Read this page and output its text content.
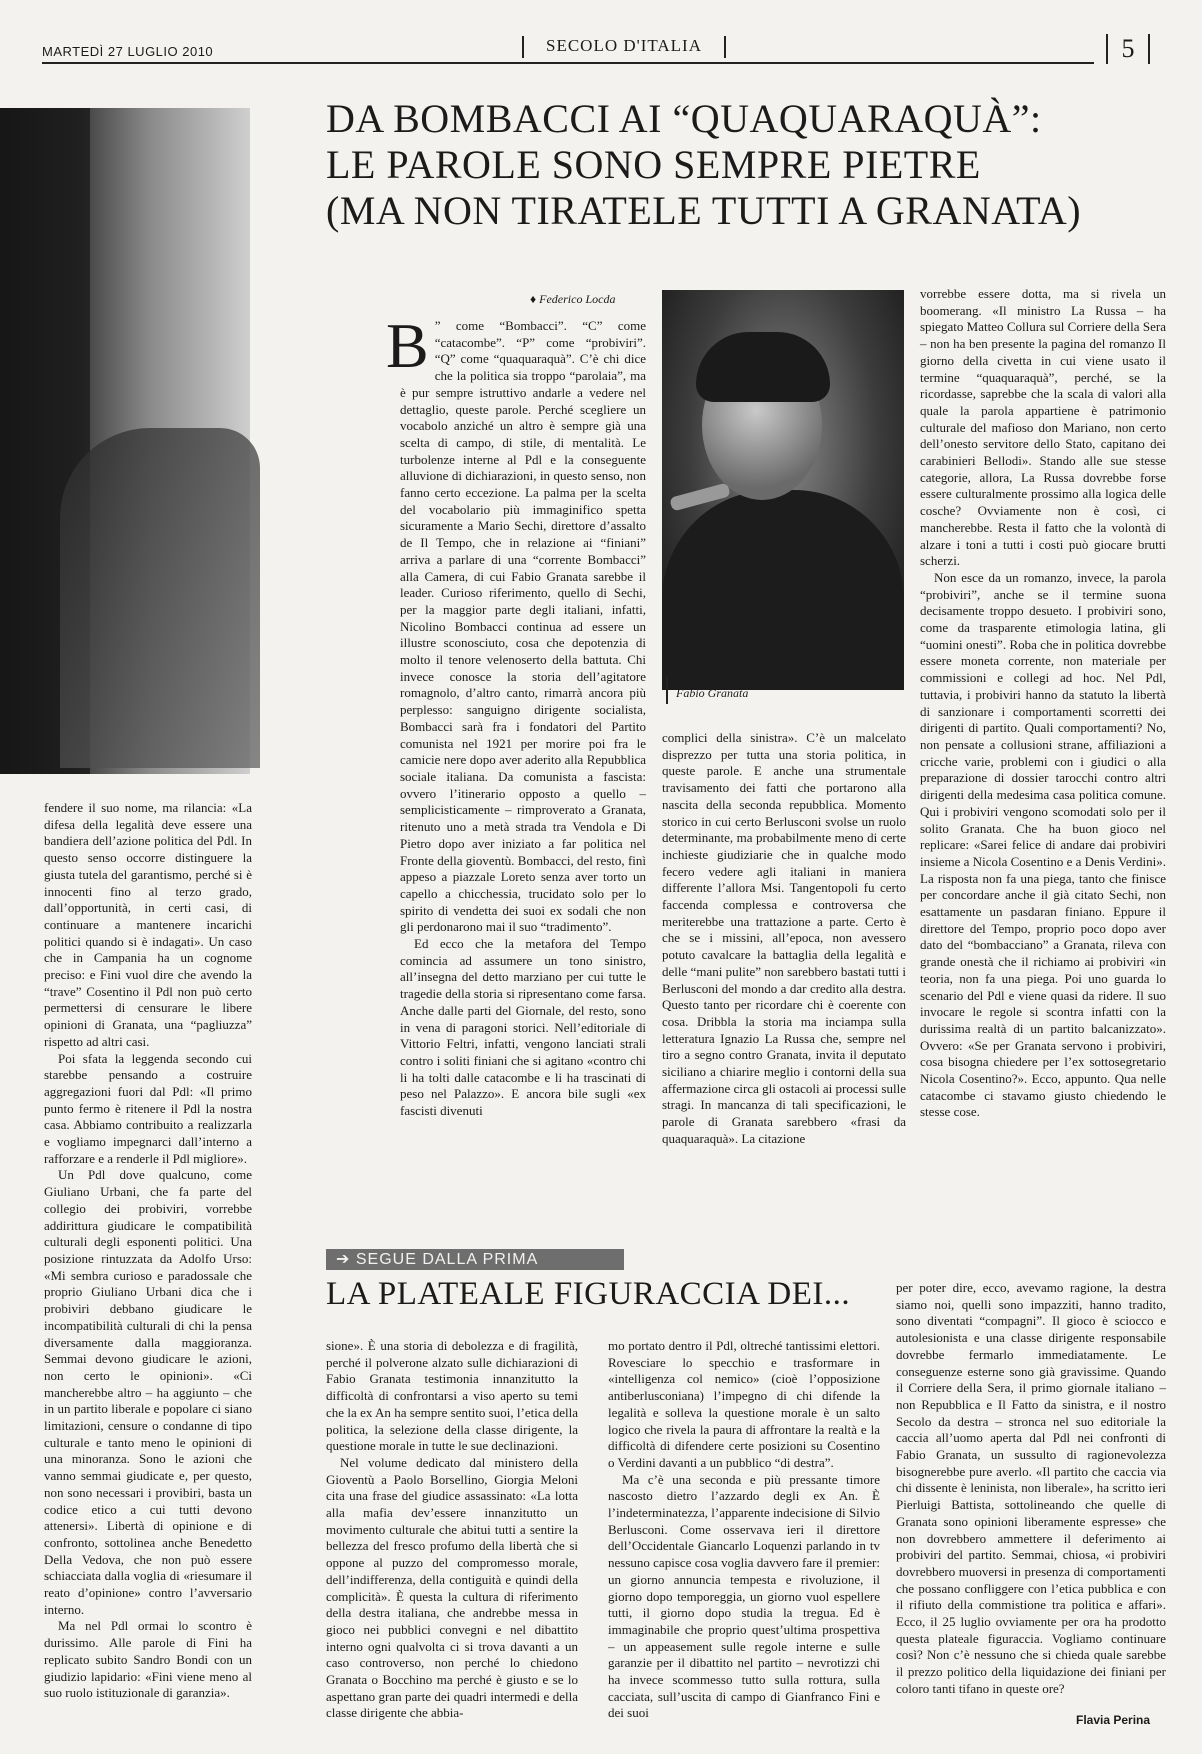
MARTEDÌ 27 LUGLIO 2010	SECOLO D'ITALIA	5
DA BOMBACCI AI “QUAQUARAQUÀ”:
LE PAROLE SONO SEMPRE PIETRE
(MA NON TIRATELE TUTTI A GRANATA)
♦ Federico Locda

fendere il suo nome, ma rilancia: «La difesa della legalità deve essere una bandiera dell’azione politica del Pdl. In questo senso occorre distinguere la giusta tutela del garantismo, perché si è innocenti fino al terzo grado, dall’opportunità, in certi casi, di continuare a mantenere incarichi politici quando si è indagati». Un caso che in Campania ha un cognome preciso: e Fini vuol dire che avendo la “trave” Cosentino il Pdl non può certo permettersi di censurare le libere opinioni di Granata, una “pagliuzza” rispetto ad altri casi.

Poi sfata la leggenda secondo cui starebbe pensando a costruire aggregazioni fuori dal Pdl: «Il primo punto fermo è ritenere il Pdl la nostra casa. Abbiamo contribuito a realizzarla e vogliamo impegnarci dall’interno a rafforzare e a renderle il Pdl migliore».

Un Pdl dove qualcuno, come Giuliano Urbani, che fa parte del collegio dei probiviri, vorrebbe addirittura giudicare le compatibilità culturali degli esponenti politici. Una posizione rintuzzata da Adolfo Urso: «Mi sembra curioso e paradossale che proprio Giuliano Urbani dica che i probiviri debbano giudicare le incompatibilità culturali di chi la pensa diversamente dalla maggioranza. Semmai devono giudicare le azioni, non certo le opinioni». «Ci mancherebbe altro – ha aggiunto – che in un partito liberale e popolare ci siano limitazioni, censure o condanne di tipo culturale e tanto meno le opinioni di una minoranza. Sono le azioni che vanno semmai giudicate e, per questo, non sono necessari i provibiri, basta un codice etico a cui tutti devono attenersi». Libertà di opinione e di confronto, sottolinea anche Benedetto Della Vedova, che non può essere schiacciata dalla voglia di «riesumare il reato d’opinione» contro l’avversario interno.

Ma nel Pdl ormai lo scontro è durissimo. Alle parole di Fini ha replicato subito Sandro Bondi con un giudizio lapidario: «Fini viene meno al suo ruolo istituzionale di garanzia».

B ” come “Bombacci”. “C” come “catacombe”. “P” come “probiviri”. “Q” come “quaquaraquà”. C’è chi dice che la politica sia troppo “parolaia”, ma è pur sempre istruttivo andarle a vedere nel dettaglio, queste parole. Perché scegliere un vocabolo anziché un altro è sempre già una scelta di campo, di stile, di mentalità. Le turbolenze interne al Pdl e la conseguente alluvione di dichiarazioni, in questo senso, non fanno certo eccezione. La palma per la scelta del vocabolario più immaginifico spetta sicuramente a Mario Sechi, direttore d’assalto de Il Tempo, che in relazione ai “finiani” arriva a parlare di una “corrente Bombacci” alla Camera, di cui Fabio Granata sarebbe il leader. Curioso riferimento, quello di Sechi, per la maggior parte degli italiani, infatti, Nicolino Bombacci continua ad essere un illustre sconosciuto, cosa che depotenzia di molto il tenore velenoserto della battuta. Chi invece conosce la storia dell’agitatore romagnolo, d’altro canto, rimarrà ancora più perplesso: sanguigno dirigente socialista, Bombacci sarà fra i fondatori del Partito comunista nel 1921 per morire poi fra le camicie nere dopo aver aderito alla Repubblica sociale italiana. Da comunista a fascista: ovvero l’itinerario opposto a quello – semplicisticamente – rimproverato a Granata, ritenuto uno a metà strada tra Vendola e Di Pietro dopo aver iniziato a far politica nel Fronte della gioventù. Bombacci, del resto, finì appeso a piazzale Loreto senza aver torto un capello a chicchessia, trucidato solo per lo spirito di vendetta dei suoi ex sodali che non gli perdonarono mai il suo “tradimento”.

Ed ecco che la metafora del Tempo comincia ad assumere un tono sinistro, all’insegna del detto marziano per cui tutte le tragedie della storia si ripresentano come farsa. Anche dalle parti del Giornale, del resto, sono in vena di paragoni storici. Nell’editoriale di Vittorio Feltri, infatti, vengono lanciati strali contro i soliti finiani che si agitano «contro chi li ha tolti dalle catacombe e li ha trascinati di peso nel Palazzo». E ancora bile sugli «ex fascisti divenuti

Fabio Granata

complici della sinistra». C’è un malcelato disprezzo per tutta una storia politica, in queste parole. E anche una strumentale travisamento dei fatti che portarono alla nascita della seconda repubblica. Momento storico in cui certo Berlusconi svolse un ruolo determinante, ma probabilmente meno di certe inchieste giudiziarie che in qualche modo fecero vedere agli italiani in maniera differente l’allora Msi. Tangentopoli fu certo faccenda complessa e controversa che meriterebbe una trattazione a parte. Certo è che se i missini, all’epoca, non avessero potuto cavalcare la battaglia della legalità e delle “mani pulite” non sarebbero bastati tutti i Berlusconi del mondo a dar credito alla destra. Questo tanto per ricordare chi è coerente con cosa. Dribbla la storia ma inciampa sulla letteratura Ignazio La Russa che, sempre nel tiro a segno contro Granata, invita il deputato siciliano a chiarire meglio i contorni della sua affermazione circa gli ostacoli ai processi sulle stragi. In mancanza di tali specificazioni, le parole di Granata sarebbero «frasi da quaquaraquà». La citazione

vorrebbe essere dotta, ma si rivela un boomerang. «Il ministro La Russa – ha spiegato Matteo Collura sul Corriere della Sera – non ha ben presente la pagina del romanzo Il giorno della civetta in cui viene usato il termine “quaquaraquà”, perché, se la ricordasse, saprebbe che la scala di valori alla quale la parola appartiene è patrimonio culturale del mafioso don Mariano, non certo dell’onesto servitore dello Stato, capitano dei carabinieri Bellodi». Stando alle sue stesse categorie, allora, La Russa dovrebbe forse essere culturalmente prossimo alla logica delle cosche? Ovviamente non è così, ci mancherebbe. Resta il fatto che la volontà di alzare i toni a tutti i costi può giocare brutti scherzi.

Non esce da un romanzo, invece, la parola “probiviri”, anche se il termine suona decisamente troppo desueto. I probiviri sono, come da trasparente etimologia latina, gli “uomini onesti”. Roba che in politica dovrebbe essere moneta corrente, non materiale per commissioni e collegi ad hoc. Nel Pdl, tuttavia, i probiviri hanno da statuto la libertà di sanzionare i comportamenti scorretti dei dirigenti di partito. Quali comportamenti? No, non pensate a collusioni strane, affiliazioni a cricche varie, problemi con i giudici o alla preparazione di dossier tarocchi contro altri dirigenti della medesima casa politica comune. Qui i probiviri vengono scomodati solo per il solito Granata. Che ha buon gioco nel replicare: «Sarei felice di andare dai probiviri insieme a Nicola Cosentino e a Denis Verdini». La risposta non fa una piega, tanto che finisce per concordare anche il già citato Sechi, non esattamente un pasdaran finiano. Eppure il direttore del Tempo, proprio poco dopo aver dato del “bombacciano” a Granata, rileva con grande onestà che il richiamo ai probiviri «in teoria, non fa una piega. Poi uno guarda lo scenario del Pdl e viene quasi da ridere. Il suo invocare le regole si scontra infatti con la durissima realtà di un partito balcanizzato». Ovvero: «Se per Granata servono i probiviri, cosa bisogna chiedere per l’ex sottosegretario Nicola Cosentino?». Ecco, appunto. Qua nelle catacombe ci stavamo giusto chiedendo le stesse cose.

➔ SEGUE DALLA PRIMA
LA PLATEALE FIGURACCIA DEI...

sione». È una storia di debolezza e di fragilità, perché il polverone alzato sulle dichiarazioni di Fabio Granata testimonia innanzitutto la difficoltà di confrontarsi a viso aperto su temi che la ex An ha sempre sentito suoi, l’etica della politica, la selezione della classe dirigente, la questione morale in tutte le sue declinazioni.

Nel volume dedicato dal ministero della Gioventù a Paolo Borsellino, Giorgia Meloni cita una frase del giudice assassinato: «La lotta alla mafia dev’essere innanzitutto un movimento culturale che abitui tutti a sentire la bellezza del fresco profumo della libertà che si oppone al puzzo del compromesso morale, dell’indifferenza, della contiguità e quindi della complicità». È questa la cultura di riferimento della destra italiana, che andrebbe messa in gioco nei pubblici convegni e nel dibattito interno ogni qualvolta ci si trova davanti a un caso controverso, non perché lo chiedono Granata o Bocchino ma perché è giusto e se lo aspettano gran parte dei quadri intermedi e della classe dirigente che abbia-

mo portato dentro il Pdl, oltreché tantissimi elettori. Rovesciare lo specchio e trasformare in «intelligenza col nemico» (cioè l’opposizione antiberlusconiana) l’impegno di chi difende la legalità e solleva la questione morale è un salto logico che rivela la paura di affrontare la realtà e la difficoltà di difendere certe posizioni su Cosentino o Verdini davanti a un pubblico “di destra”.

Ma c’è una seconda e più pressante timore nascosto dietro l’azzardo degli ex An. È l’indeterminatezza, l’apparente indecisione di Silvio Berlusconi. Come osservava ieri il direttore dell’Occidentale Giancarlo Loquenzi parlando in tv nessuno capisce cosa voglia davvero fare il premier: un giorno annuncia tempesta e rivoluzione, il giorno dopo temporeggia, un giorno vuol espellere tutti, il giorno dopo studia la tregua. Ed è immaginabile che proprio quest’ultima prospettiva – un appeasement sulle regole interne e sulle garanzie per il dibattito nel partito – nevrotizzi chi ha invece scommesso tutto sulla rottura, sulla cacciata, sull’uscita di campo di Gianfranco Fini e dei suoi

per poter dire, ecco, avevamo ragione, la destra siamo noi, quelli sono impazziti, hanno tradito, sono diventati “compagni”. Il gioco è sciocco e autolesionista e una classe dirigente responsabile dovrebbe fermarlo immediatamente. Le conseguenze esterne sono già gravissime. Quando il Corriere della Sera, il primo giornale italiano – non Repubblica e Il Fatto da sinistra, e il nostro Secolo da destra – stronca nel suo editoriale la caccia all’uomo aperta dal Pdl nei confronti di Fabio Granata, un sussulto di ragionevolezza bisognerebbe pure averlo. «Il partito che caccia via chi dissente è leninista, non liberale», ha scritto ieri Pierluigi Battista, sottolineando che quelle di Granata sono opinioni liberamente espresse» che non dovrebbero ammettere il deferimento ai probiviri del partito. Semmai, chiosa, «i probiviri dovrebbero muoversi in presenza di comportamenti che possano confliggere con l’etica pubblica e con il rifiuto della commistione tra politica e affari». Ecco, il 25 luglio ovviamente per ora ha prodotto questa plateale figuraccia. Vogliamo continuare così? Non c’è nessuno che si chieda quale sarebbe il prezzo politico della liquidazione dei finiani per coloro tanti tifano in queste ore?

Flavia Perina
